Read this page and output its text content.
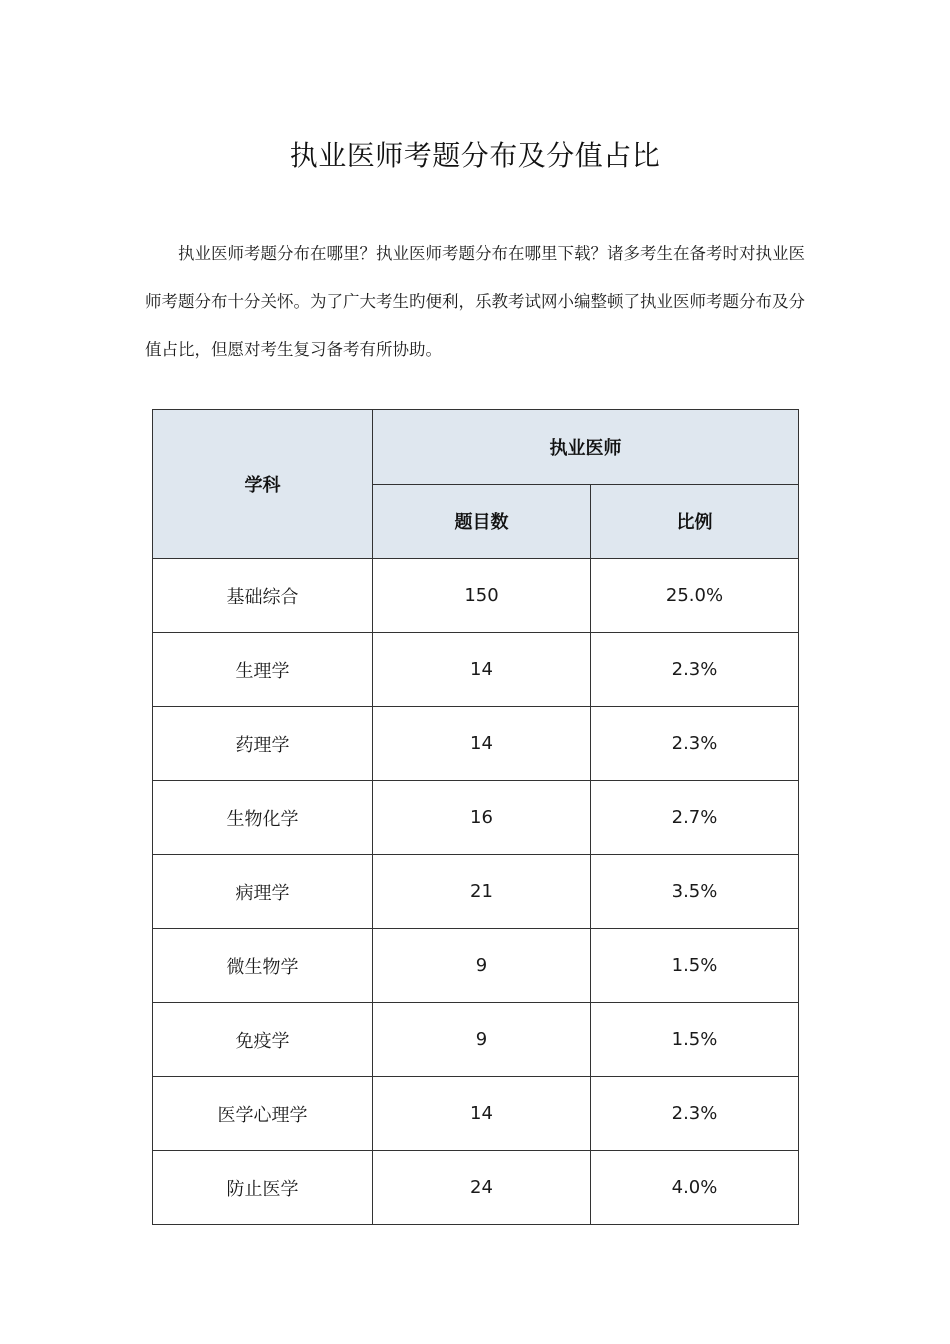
执业医师考题分布及分值占比

执业医师考题分布在哪里？执业医师考题分布在哪里下载？诸多考生在备考时对执业医师考题分布十分关怀。为了广大考生旳便利，乐教考试网小编整顿了执业医师考题分布及分值占比，但愿对考生复习备考有所协助。

学科	执业医师	
	题目数	比例
基础综合	150	25.0%
生理学	14	2.3%
药理学	14	2.3%
生物化学	16	2.7%
病理学	21	3.5%
微生物学	9	1.5%
免疫学	9	1.5%
医学心理学	14	2.3%
防止医学	24	4.0%
